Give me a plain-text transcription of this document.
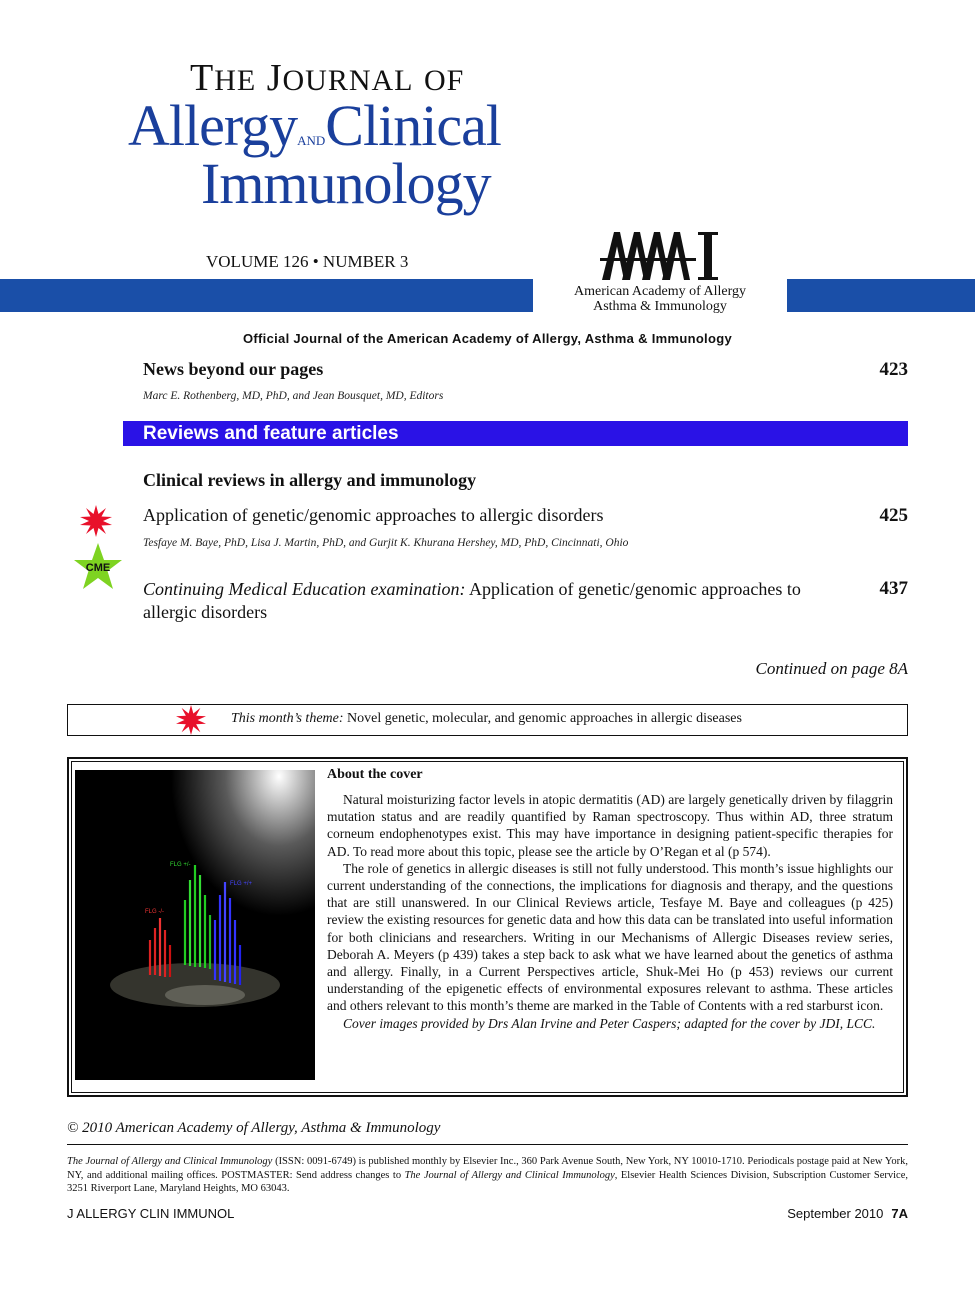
THE JOURNAL OF
AllergyANDClinical
Immunology
VOLUME 126 • NUMBER 3
American Academy of Allergy
Asthma & Immunology
Official Journal of the American Academy of Allergy, Asthma & Immunology
News beyond our pages	423
Marc E. Rothenberg, MD, PhD, and Jean Bousquet, MD, Editors
Reviews and feature articles
Clinical reviews in allergy and immunology
Application of genetic/genomic approaches to allergic disorders	425
Tesfaye M. Baye, PhD, Lisa J. Martin, PhD, and Gurjit K. Khurana Hershey, MD, PhD, Cincinnati, Ohio
CME
Continuing Medical Education examination: Application of genetic/genomic approaches to
allergic disorders
437
Continued on page 8A
This month’s theme: Novel genetic, molecular, and genomic approaches in allergic diseases
FLG +/-
FLG +/+
FLG -/-
About the cover

Natural moisturizing factor levels in atopic dermatitis (AD) are largely genetically driven by filaggrin mutation status and are readily quantified by Raman spectroscopy. Thus within AD, three stratum corneum endophenotypes exist. This may have importance in designing patient-specific therapies for AD. To read more about this topic, please see the article by O’Regan et al (p 574).

The role of genetics in allergic diseases is still not fully understood. This month’s issue highlights our current understanding of the connections, the implications for diagnosis and therapy, and the questions that are still unanswered. In our Clinical Reviews article, Tesfaye M. Baye and colleagues (p 425) review the existing resources for genetic data and how this data can be translated into useful information for both clinicians and researchers. Writing in our Mechanisms of Allergic Diseases review series, Deborah A. Meyers (p 439) takes a step back to ask what we have learned about the genetics of asthma and allergy. Finally, in a Current Perspectives article, Shuk-Mei Ho (p 453) reviews our current understanding of the epigenetic effects of environmental exposures relevant to asthma. These articles and others relevant to this month’s theme are marked in the Table of Contents with a red starburst icon.

Cover images provided by Drs Alan Irvine and Peter Caspers; adapted for the cover by JDI, LCC.

© 2010 American Academy of Allergy, Asthma & Immunology
The Journal of Allergy and Clinical Immunology (ISSN: 0091-6749) is published monthly by Elsevier Inc., 360 Park Avenue South, New York, NY 10010-1710. Periodicals postage paid at New York, NY, and additional mailing offices. POSTMASTER: Send address changes to The Journal of Allergy and Clinical Immunology, Elsevier Health Sciences Division, Subscription Customer Service, 3251 Riverport Lane, Maryland Heights, MO 63043.
J ALLERGY CLIN IMMUNOL	September 2010 7A
